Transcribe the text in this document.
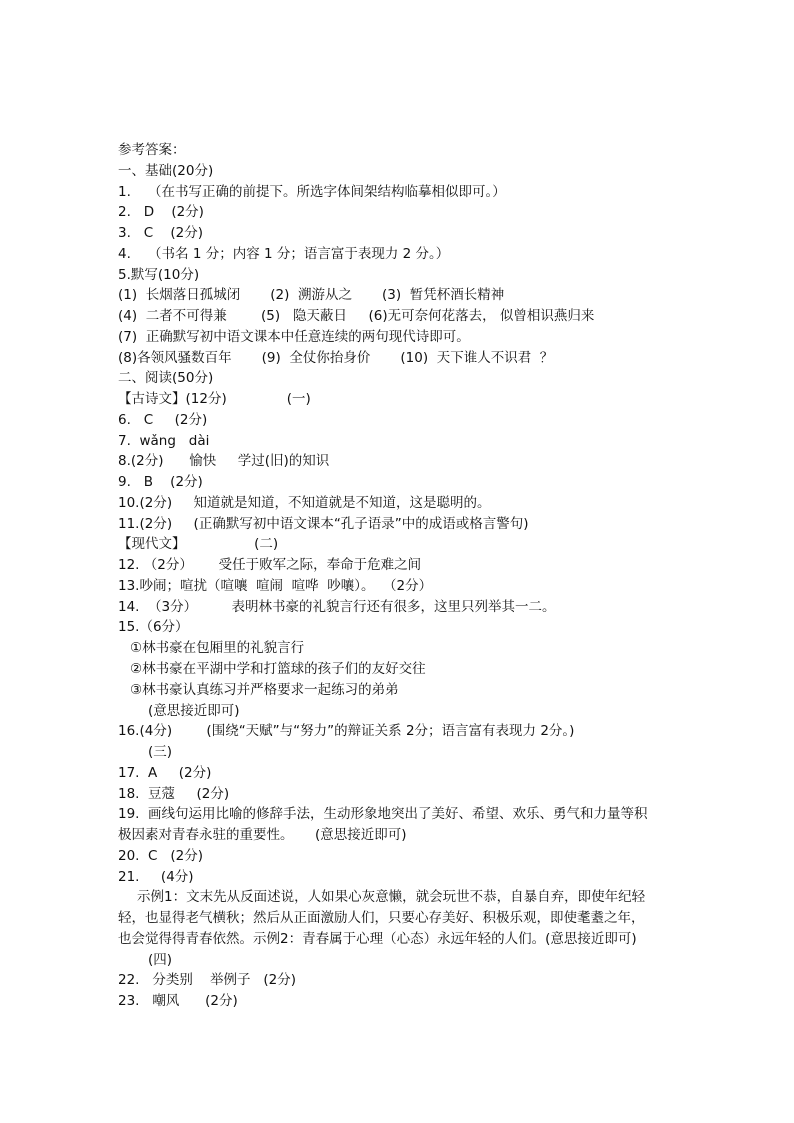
参考答案：
一、基础(20分)
1.    （在书写正确的前提下。所选字体间架结构临摹相似即可。）
2.   D    (2分)
3.   C    (2分)
4.    （书名 1 分；内容 1 分；语言富于表现力 2 分。）
5.默写(10分)
(1)  长烟落日孤城闭       (2)  溯游从之       (3)  暂凭杯酒长精神
(4)  二者不可得兼        (5)   隐天蔽日     (6)无可奈何花落去， 似曾相识燕归来
(7)  正确默写初中语文课本中任意连续的两句现代诗即可。
(8)各领风骚数百年       (9)  全仗你抬身价       (10)  天下谁人不识君  ？
二、阅读(50分)
【古诗文】(12分)              (一)
6.   C     (2分)
7.  wǎng   dài
8.(2分)      愉快     学过(旧)的知识
9.   B    (2分)
10.(2分)     知道就是知道，不知道就是不知道，这是聪明的。
11.(2分)     (正确默写初中语文课本“孔子语录”中的成语或格言警句)
【现代文】                (二)
12. （2分）      受任于败军之际，奉命于危难之间
13.吵闹；喧扰（喧嚷  喧闹  喧哗  吵嚷）。  （2分）
14.  （3分）        表明林书豪的礼貌言行还有很多，这里只列举其一二。
15.（6分）
①林书豪在包厢里的礼貌言行
②林书豪在平湖中学和打篮球的孩子们的友好交往
③林书豪认真练习并严格要求一起练习的弟弟
(意思接近即可)
16.(4分)        (围绕“天赋”与“努力”的辩证关系 2分；语言富有表现力 2分。)
(三)
17.  A     (2分)
18.  豆蔻     (2分)
19.  画线句运用比喻的修辞手法，生动形象地突出了美好、希望、欢乐、勇气和力量等积
极因素对青春永驻的重要性。     (意思接近即可)
20.  C   (2分)
21.     (4分)
示例1：文末先从反面述说，人如果心灰意懒，就会玩世不恭，自暴自弃，即使年纪轻
轻，也显得老气横秋；然后从正面激励人们，只要心存美好、积极乐观，即使耄耋之年，
也会觉得得青春依然。示例2：青春属于心理（心态）永远年轻的人们。(意思接近即可)
(四)
22.   分类别    举例子   (2分)
23.   嘲风      (2分)
